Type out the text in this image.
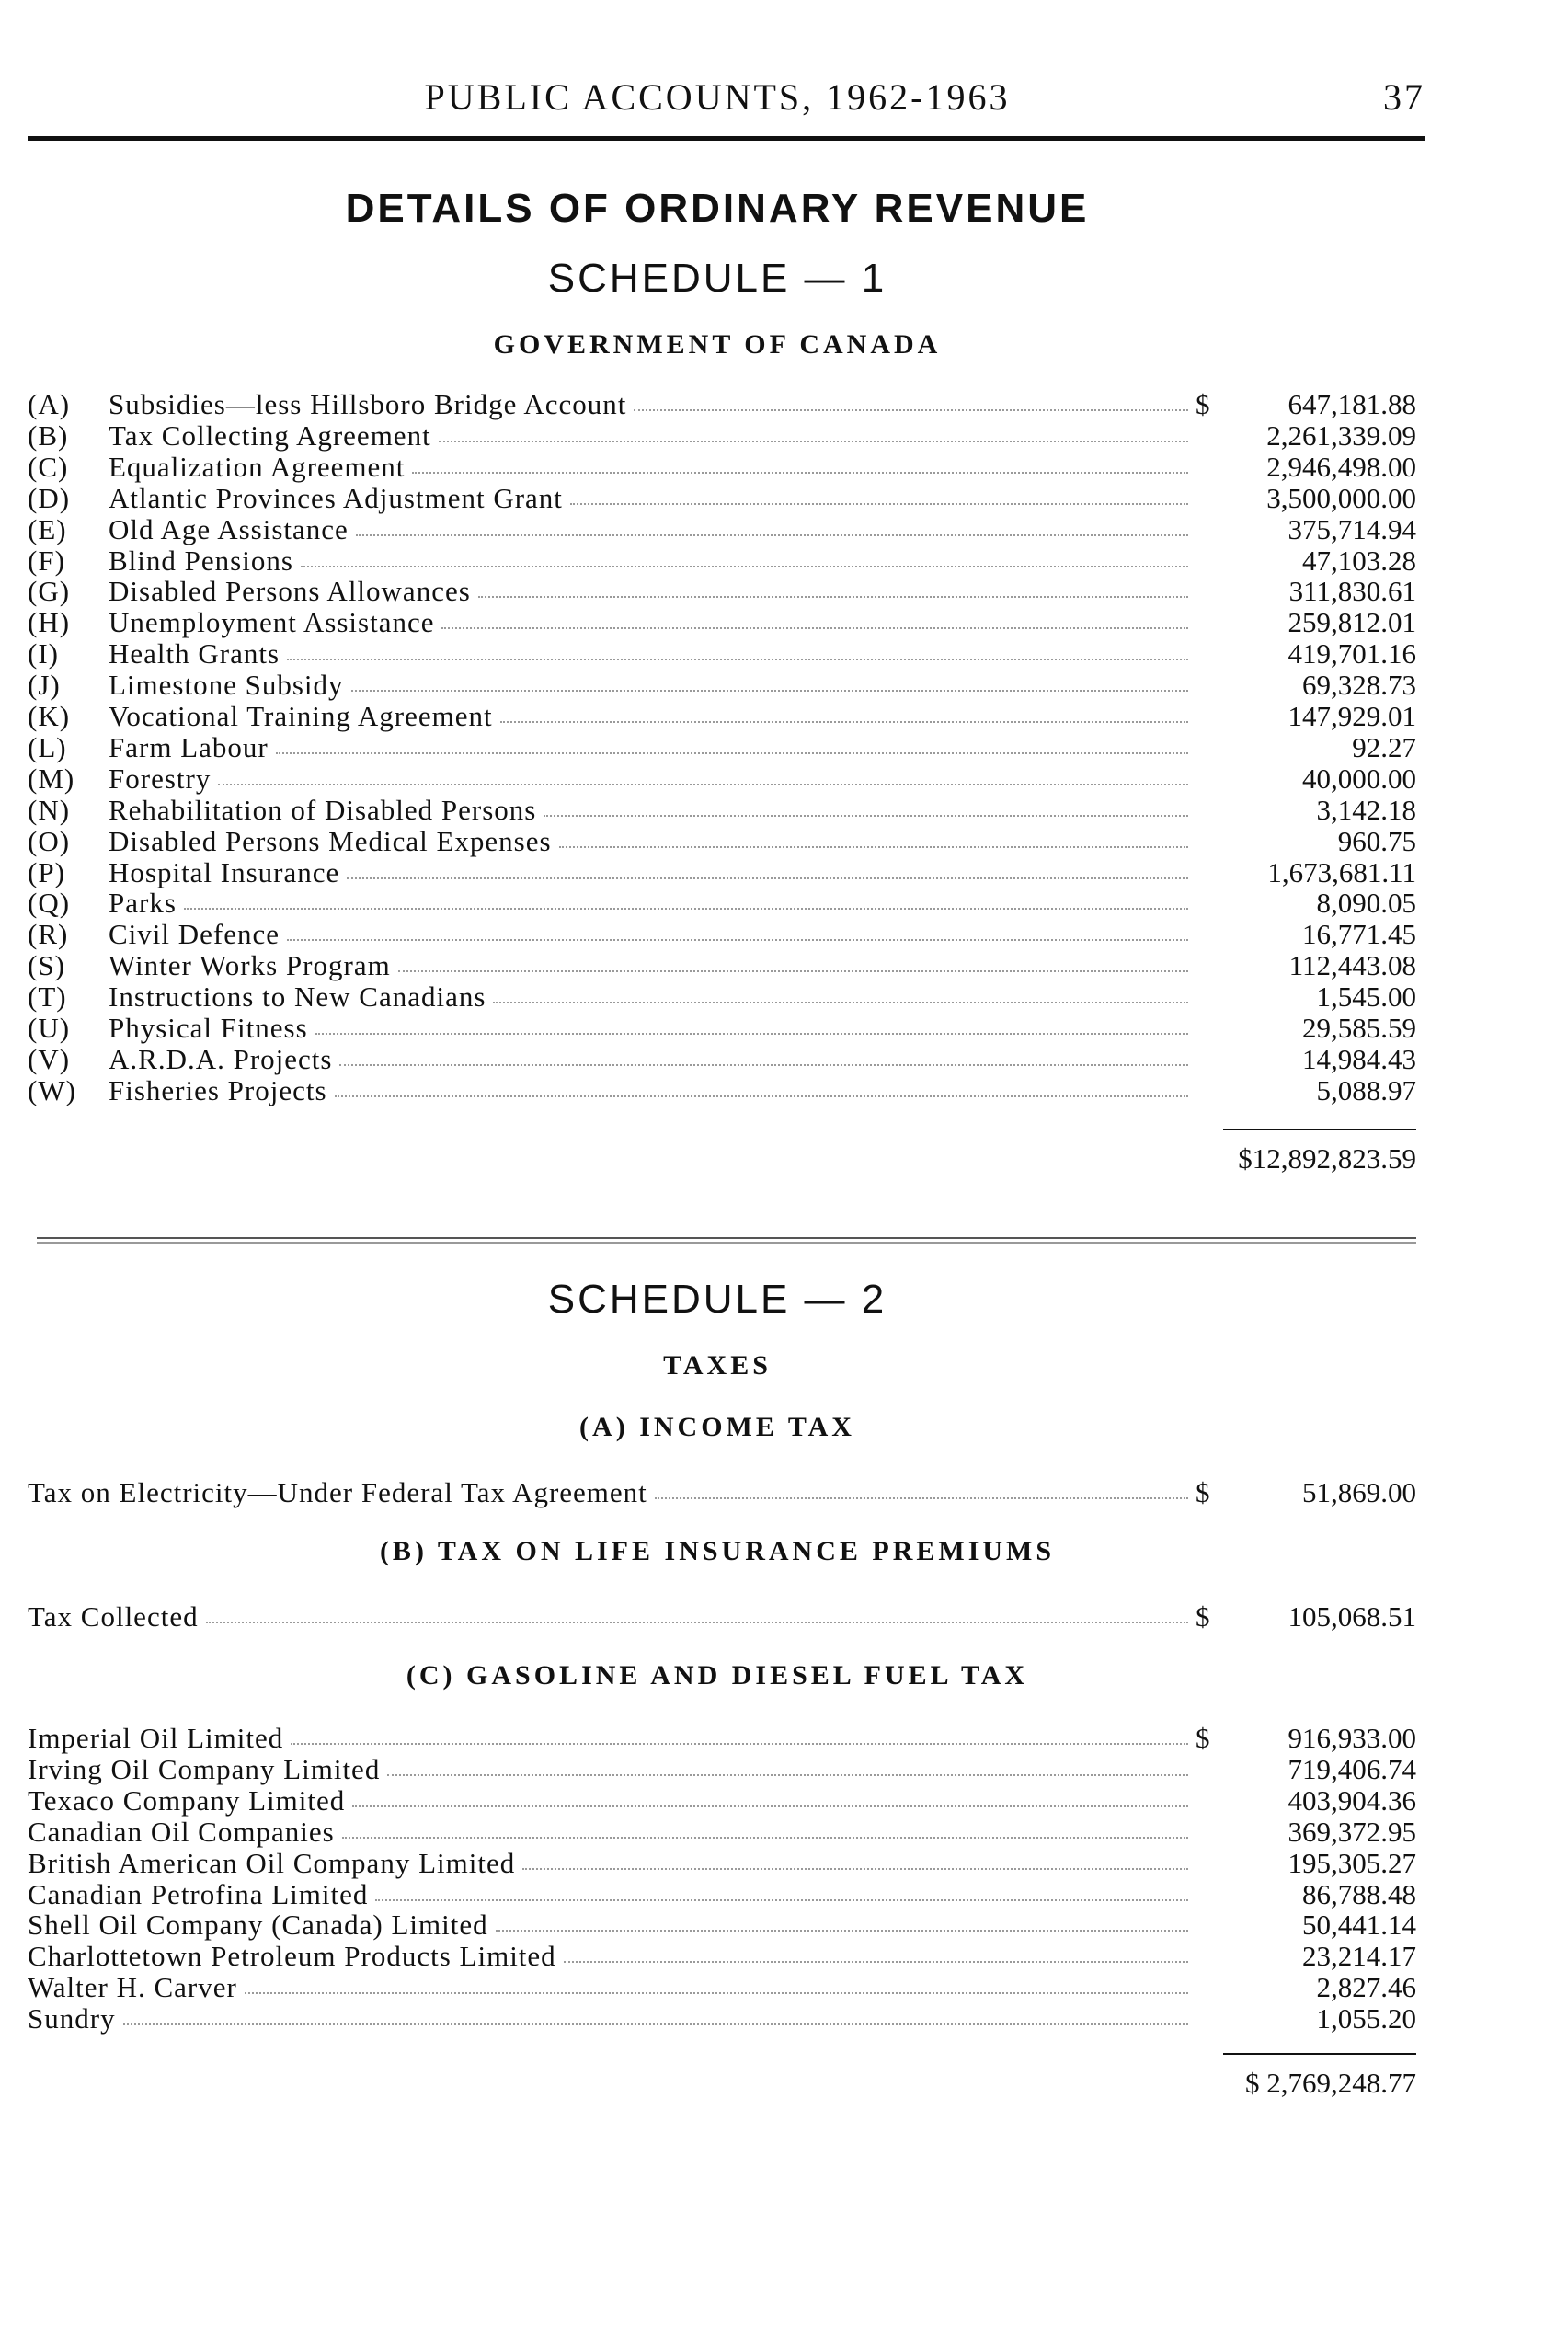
PUBLIC ACCOUNTS, 1962-1963	37
DETAILS OF ORDINARY REVENUE
SCHEDULE — 1
GOVERNMENT OF CANADA
(A)	Subsidies—less Hillsboro Bridge Account	$	647,181.88
(B)	Tax Collecting Agreement	2,261,339.09
(C)	Equalization Agreement	2,946,498.00
(D)	Atlantic Provinces Adjustment Grant	3,500,000.00
(E)	Old Age Assistance	375,714.94
(F)	Blind Pensions	47,103.28
(G)	Disabled Persons Allowances	311,830.61
(H)	Unemployment Assistance	259,812.01
(I)	Health Grants	419,701.16
(J)	Limestone Subsidy	69,328.73
(K)	Vocational Training Agreement	147,929.01
(L)	Farm Labour	92.27
(M)	Forestry	40,000.00
(N)	Rehabilitation of Disabled Persons	3,142.18
(O)	Disabled Persons Medical Expenses	960.75
(P)	Hospital Insurance	1,673,681.11
(Q)	Parks	8,090.05
(R)	Civil Defence	16,771.45
(S)	Winter Works Program	112,443.08
(T)	Instructions to New Canadians	1,545.00
(U)	Physical Fitness	29,585.59
(V)	A.R.D.A. Projects	14,984.43
(W)	Fisheries Projects	5,088.97
$12,892,823.59
SCHEDULE — 2
TAXES
(A) INCOME TAX
Tax on Electricity—Under Federal Tax Agreement	$	51,869.00
(B) TAX ON LIFE INSURANCE PREMIUMS
Tax Collected	$	105,068.51
(C) GASOLINE AND DIESEL FUEL TAX
Imperial Oil Limited	$	916,933.00
Irving Oil Company Limited	719,406.74
Texaco Company Limited	403,904.36
Canadian Oil Companies	369,372.95
British American Oil Company Limited	195,305.27
Canadian Petrofina Limited	86,788.48
Shell Oil Company (Canada) Limited	50,441.14
Charlottetown Petroleum Products Limited	23,214.17
Walter H. Carver	2,827.46
Sundry	1,055.20
$ 2,769,248.77
